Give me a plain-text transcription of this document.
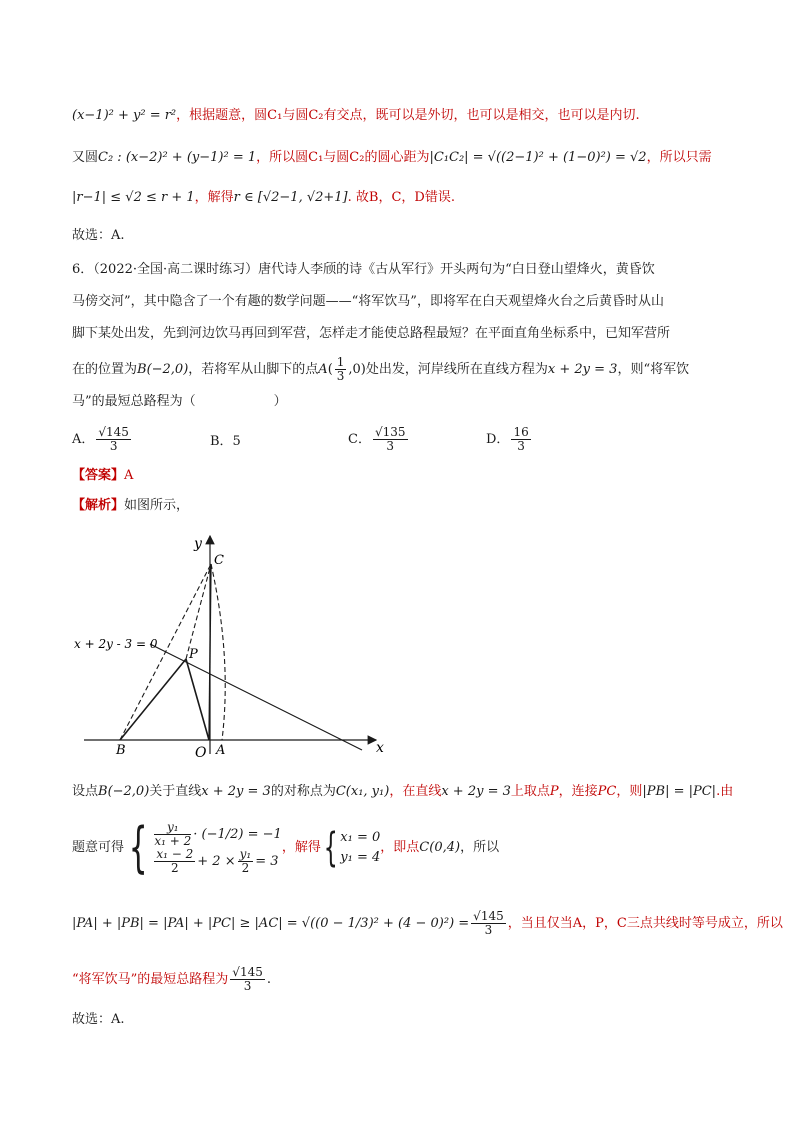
(x−1)² + y² = r²，根据题意，圆C₁与圆C₂有交点，既可以是外切，也可以是相交，也可以是内切.
又圆C₂ : (x−2)² + (y−1)² = 1，所以圆C₁与圆C₂的圆心距为|C₁C₂| = √((2−1)² + (1−0)²) = √2，所以只需
|r−1| ≤ √2 ≤ r + 1，解得r ∈ [√2−1, √2+1]. 故B，C，D错误.
故选：A.
6．（2022·全国·高二课时练习）唐代诗人李颀的诗《古从军行》开头两句为“白日登山望烽火，黄昏饮
马傍交河”，其中隐含了一个有趣的数学问题——“将军饮马”，即将军在白天观望烽火台之后黄昏时从山
脚下某处出发，先到河边饮马再回到军营，怎样走才能使总路程最短？在平面直角坐标系中，已知军营所
在的位置为B(−2,0)，若将军从山脚下的点$A( \frac{1}{3} ,0)$处出发，河岸线所在直线方程为x + 2y = 3，则“将军饮
马”的最短总路程为（　　　　　　）
A． $\frac{√145}{3}$	B．5	C． $\frac{√135}{3}$	D． $\frac{16}{3}$
【答案】A
【解析】如图所示，
x + 2y - 3 = 0
y
x
C
P
B	O A
设点B(−2,0)关于直线x + 2y = 3的对称点为C(x₁, y₁)，在直线x + 2y = 3上取点P，连接PC，则|PB| = |PC|.由
题意可得{ $\frac{\text{y₁}}{\text{x₁ + 2}} \cdot (-1/2) = -1$
$\frac{\text{x₁ − 2}}{2} + 2 \times \frac{\text{y₁}}{2} = 3$
，解得{ x₁ = 0
y₁ = 4
，即点C(0,4)，所以
$|PA| + |PB| = |PA| + |PC| \ge |AC| = √((0 - 1/3)^2 + (4 - 0)^2) = \frac{√145}{3}$ ，当且仅当A，P，C三点共线时等号成立，所以
“将军饮马”的最短总路程为 $\frac{√145}{3}$ .
故选：A.
